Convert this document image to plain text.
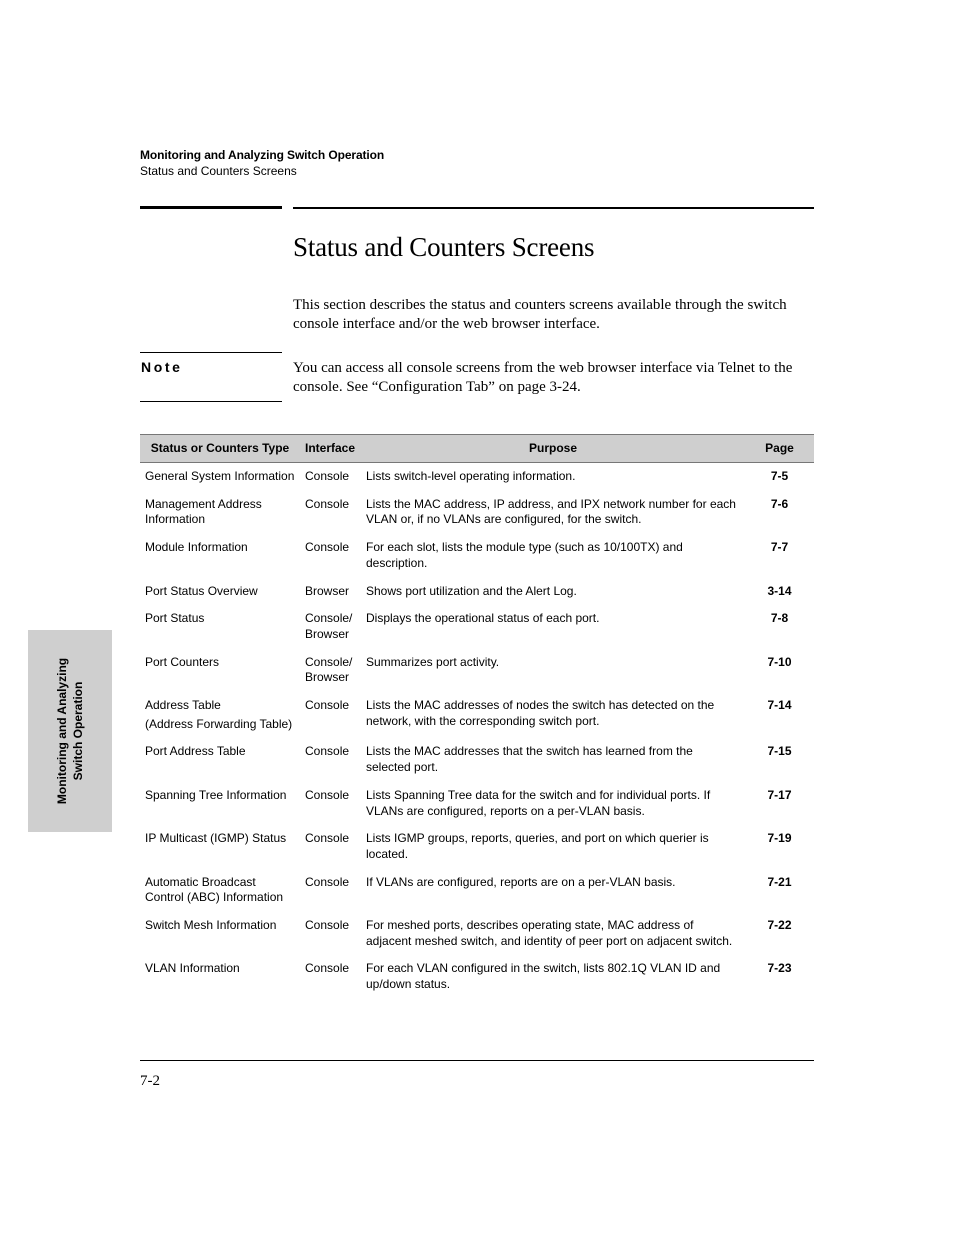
Monitoring and Analyzing Switch Operation
Status and Counters Screens
Status and Counters Screens
This section describes the status and counters screens available through the switch console interface and/or the web browser interface.
Note	You can access all console screens from the web browser interface via Telnet to the console. See “Configuration Tab” on page 3-24.
Status or Counters Type	Interface	Purpose	Page
General System Information	Console	Lists switch-level operating information.	7-5
Management Address Information	Console	Lists the MAC address, IP address, and IPX network number for each VLAN or, if no VLANs are configured, for the switch.	7-6
Module Information	Console	For each slot, lists the module type (such as 10/100TX) and description.	7-7
Port Status Overview	Browser	Shows port utilization and the Alert Log.	3-14
Port Status	Console/ Browser	Displays the operational status of each port.	7-8
Port Counters	Console/ Browser	Summarizes port activity.	7-10
Address Table
(Address Forwarding Table)	Console	Lists the MAC addresses of nodes the switch has detected on the network, with the corresponding switch port.	7-14
Port Address Table	Console	Lists the MAC addresses that the switch has learned from the selected port.	7-15
Spanning Tree Information	Console	Lists Spanning Tree data for the switch and for individual ports. If VLANs are configured, reports on a per-VLAN basis.	7-17
IP Multicast (IGMP) Status	Console	Lists IGMP groups, reports, queries, and port on which querier is located.	7-19
Automatic Broadcast Control (ABC) Information	Console	If VLANs are configured, reports are on a per-VLAN basis.	7-21
Switch Mesh Information	Console	For meshed ports, describes operating state, MAC address of adjacent meshed switch, and identity of peer port on adjacent switch.	7-22
VLAN Information	Console	For each VLAN configured in the switch, lists 802.1Q VLAN ID and up/down status.	7-23
Monitoring and Analyzing Switch Operation
7-2
